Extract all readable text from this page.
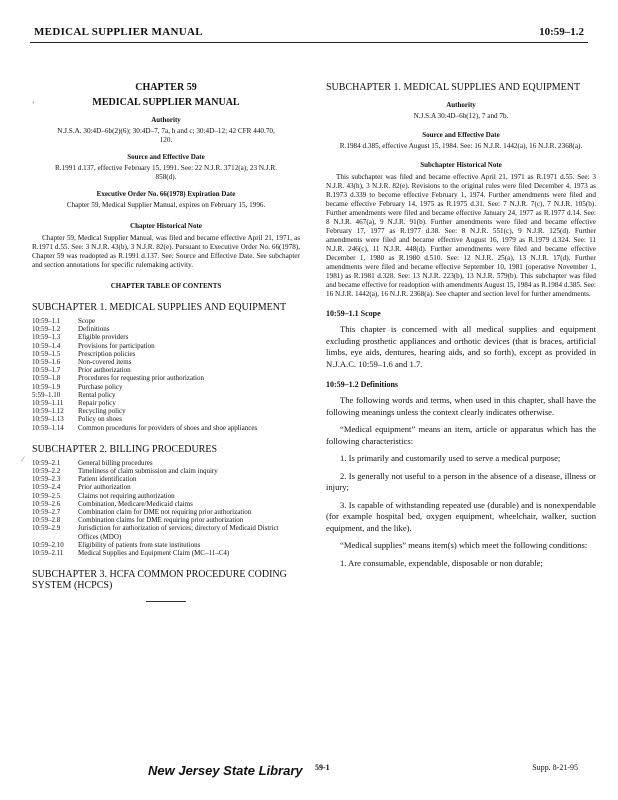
MEDICAL SUPPLIER MANUAL	10:59–1.2
’
⁄
CHAPTER 59
MEDICAL SUPPLIER MANUAL
Authority
N.J.S.A. 30:4D–6b(2)(6); 30:4D–7, 7a, b and c; 30:4D–12; 42 CFR 440.70, 120.
Source and Effective Date
R.1991 d.137, effective February 15, 1991. See: 22 N.J.R. 3712(a), 23 N.J.R. 858(d).
Executive Order No. 66(1978) Expiration Date
Chapter 59, Medical Supplier Manual, expires on February 15, 1996.
Chapter Historical Note
Chapter 59, Medical Supplier Manual, was filed and became effective April 21, 1971, as R.1971 d.55. See: 3 N.J.R. 43(b), 3 N.J.R. 82(e). Pursuant to Executive Order No. 66(1978), Chapter 59 was readopted as R.1991 d.137. See: Source and Effective Date. See subchapter and section annotations for specific rulemaking activity.
CHAPTER TABLE OF CONTENTS
SUBCHAPTER 1. MEDICAL SUPPLIES AND EQUIPMENT
10:59–1.1	Scope
10:59–1.2	Definitions
10:59–1.3	Eligible providers
10:59–1.4	Provisions for participation
10:59–1.5	Prescription policies
10:59–1.6	Non-covered items
10:59–1.7	Prior authorization
10:59–1.8	Procedures for requesting prior authorization
10:59–1.9	Purchase policy
5:59–1.10	Rental policy
10:59–1.11	Repair policy
10:59–1.12	Recycling policy
10:59–1.13	Policy on shoes
10:59–1.14	Common procedures for providers of shoes and shoe appliances
SUBCHAPTER 2. BILLING PROCEDURES
10:59–2.1	General billing procedures
10:59–2.2	Timeliness of claim submission and claim inquiry
10:59–2.3	Patient identification
10:59–2.4	Prior authorization
10:59–2.5	Claims not requiring authorization
10:59–2.6	Combination, Medicare/Medicaid claims
10:59–2.7	Combination claim for DME not requiring prior authorization
10:59–2.8	Combination claims for DME requiring prior authorization
10:59–2.9	Jurisdiction for authorization of services; directory of Medicaid District Offices (MDO)
10:59–2.10	Eligibility of patients from state institutions
10:59–2.11	Medical Supplies and Equipment Claim (MC–11–C4)
SUBCHAPTER 3. HCFA COMMON PROCEDURE CODING SYSTEM (HCPCS)
SUBCHAPTER 1. MEDICAL SUPPLIES AND EQUIPMENT
Authority
N.J.S.A 30:4D–6b(12), 7 and 7b.
Source and Effective Date
R.1984 d.385, effective August 15, 1984. See: 16 N.J.R. 1442(a), 16 N.J.R. 2368(a).
Subchapter Historical Note
This subchapter was filed and became effective April 21, 1971 as R.1971 d.55. See: 3 N.J.R. 43(h), 3 N.J.R. 82(e). Revisions to the original rules were filed December 4, 1973 as R.1973 d.339 to become effective February 1, 1974. Further amendments were filed and became effective February 14, 1975 as R.1975 d.31. See: 7 N.J.R. 7(c), 7 N.J.R. 105(b). Further amendments were filed and became effective January 24, 1977 as R.1977 d.14. See: 8 N.J.R. 467(a), 9 N.J.R. 91(b). Further amendments were filed and became effective February 17, 1977 as R.1977 d.38. See: 8 N.J.R. 551(c), 9 N.J.R. 125(d). Further amendments were filed and became effective August 16, 1979 as R.1979 d.324. See: 11 N.J.R. 246(c), 11 N.J.R. 448(d). Further amendments were filed and became effective December 1, 1980 as R.1980 d.510. See: 12 N.J.R. 25(a), 13 N.J.R. 17(d). Further amendments were filed and became effective September 10, 1981 (operative November 1, 1981) as R.1981 d.328. See: 13 N.J.R. 223(b), 13 N.J.R. 579(b). This subchapter was filed and became effective for readoption with amendments August 15, 1984 as R.1984 d.385. See: 16 N.J.R. 1442(a), 16 N.J.R. 2368(a). See chapter and section level for further amendments.
10:59–1.1 Scope
This chapter is concerned with all medical supplies and equipment excluding prosthetic appliances and orthotic devices (that is braces, artificial limbs, eye aids, dentures, hearing aids, and so forth), except as provided in N.J.A.C. 10:59–1.6 and 1.7.
10:59–1.2 Definitions
The following words and terms, when used in this chapter, shall have the following meanings unless the context clearly indicates otherwise.
“Medical equipment” means an item, article or apparatus which has the following characteristics:
1. Is primarily and customarily used to serve a medical purpose;
2. Is generally not useful to a person in the absence of a disease, illness or injury;
3. Is capable of withstanding repeated use (durable) and is nonexpendable (for example hospital bed, oxygen equipment, wheelchair, walker, suction equipment, and the like).
“Medical supplies” means item(s) which meet the following conditions:
1. Are consumable, expendable, disposable or non durable;
New Jersey State Library 59-1	Supp. 8-21-95
